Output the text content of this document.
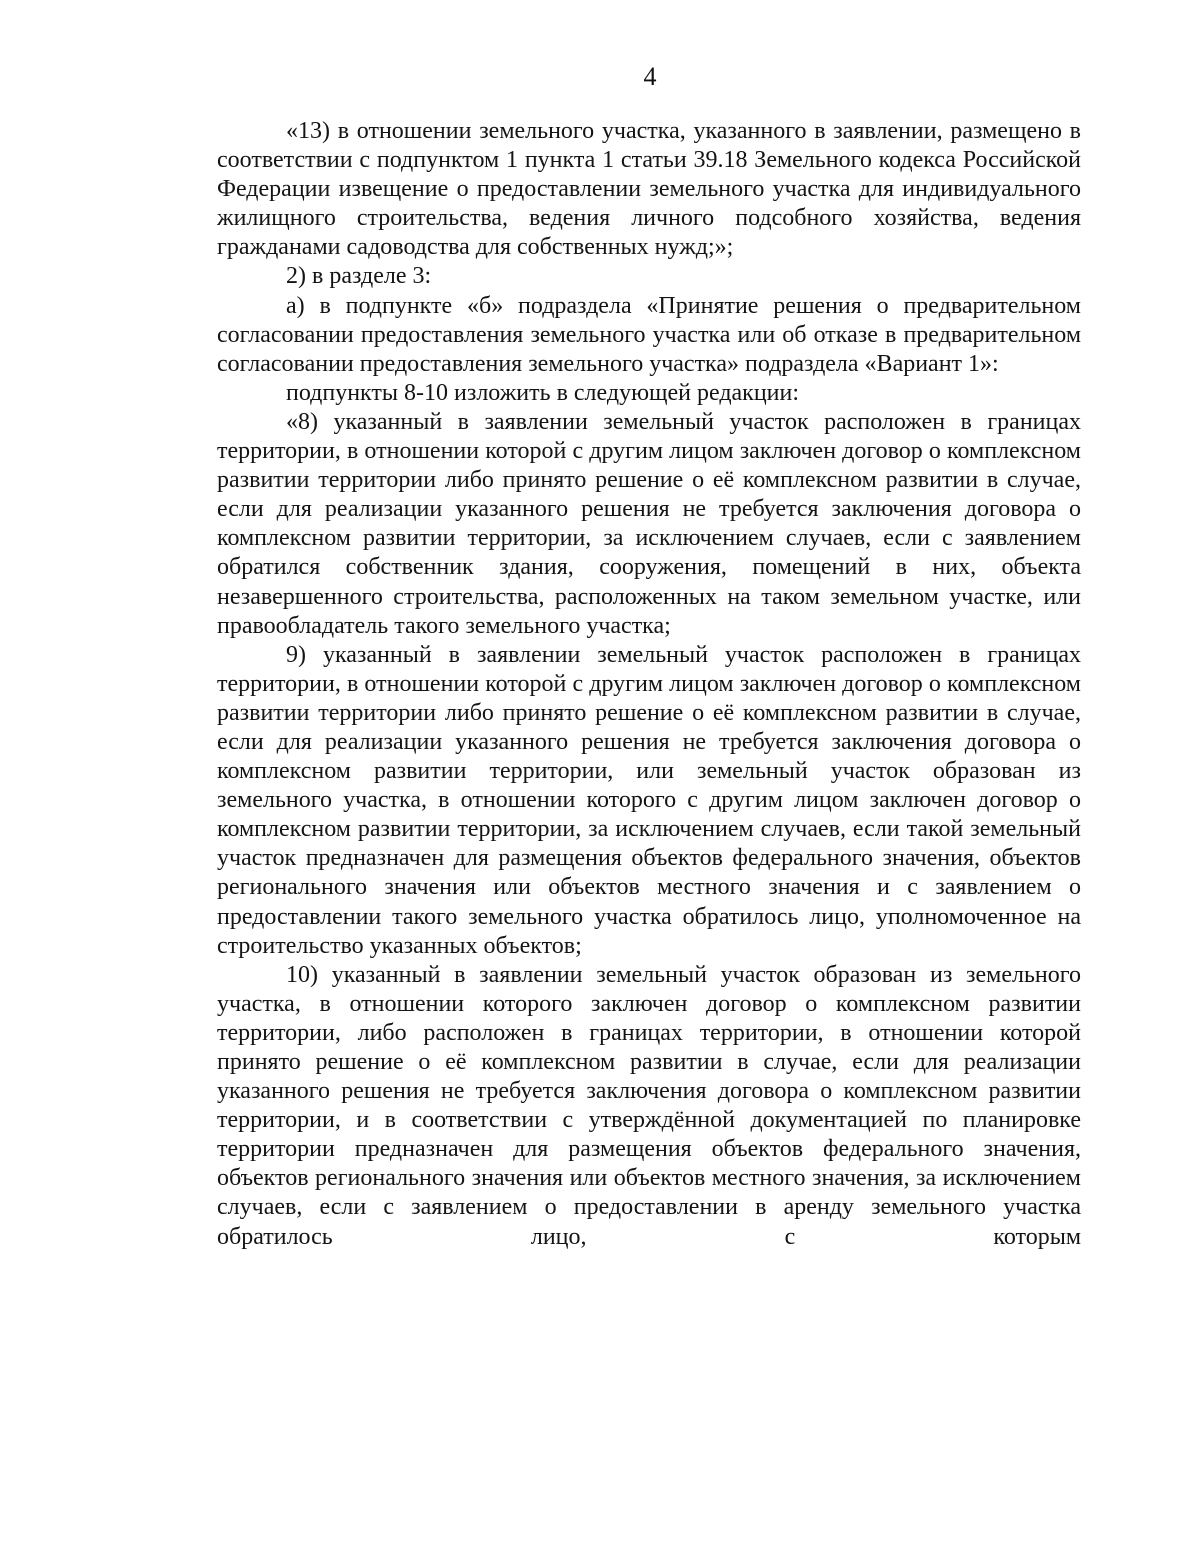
4

«13) в отношении земельного участка, указанного в заявлении, размещено в соответствии с подпунктом 1 пункта 1 статьи 39.18 Земельного кодекса Российской Федерации извещение о предоставлении земельного участка для индивидуального жилищного строительства, ведения личного подсобного хозяйства, ведения гражданами садоводства для собственных нужд;»;

2) в разделе 3:

а) в подпункте «б» подраздела «Принятие решения о предварительном согласовании предоставления земельного участка или об отказе в предварительном согласовании предоставления земельного участка» подраздела «Вариант 1»:

подпункты 8-10 изложить в следующей редакции:

«8) указанный в заявлении земельный участок расположен в границах территории, в отношении которой с другим лицом заключен договор о комплексном развитии территории либо принято решение о её комплексном развитии в случае, если для реализации указанного решения не требуется заключения договора о комплексном развитии территории, за исключением случаев, если с заявлением обратился собственник здания, сооружения, помещений в них, объекта незавершенного строительства, расположенных на таком земельном участке, или правообладатель такого земельного участка;

9) указанный в заявлении земельный участок расположен в границах территории, в отношении которой с другим лицом заключен договор о комплексном развитии территории либо принято решение о её комплексном развитии в случае, если для реализации указанного решения не требуется заключения договора о комплексном развитии территории, или земельный участок образован из земельного участка, в отношении которого с другим лицом заключен договор о комплексном развитии территории, за исключением случаев, если такой земельный участок предназначен для размещения объектов федерального значения, объектов регионального значения или объектов местного значения и с заявлением о предоставлении такого земельного участка обратилось лицо, уполномоченное на строительство указанных объектов;

10) указанный в заявлении земельный участок образован из земельного участка, в отношении которого заключен договор о комплексном развитии территории, либо расположен в границах территории, в отношении которой принято решение о её комплексном развитии в случае, если для реализации указанного решения не требуется заключения договора о комплексном развитии территории, и в соответствии с утверждённой документацией по планировке территории предназначен для размещения объектов федерального значения, объектов регионального значения или объектов местного значения, за исключением случаев, если с заявлением о предоставлении в аренду земельного участка обратилось лицо, с которым
